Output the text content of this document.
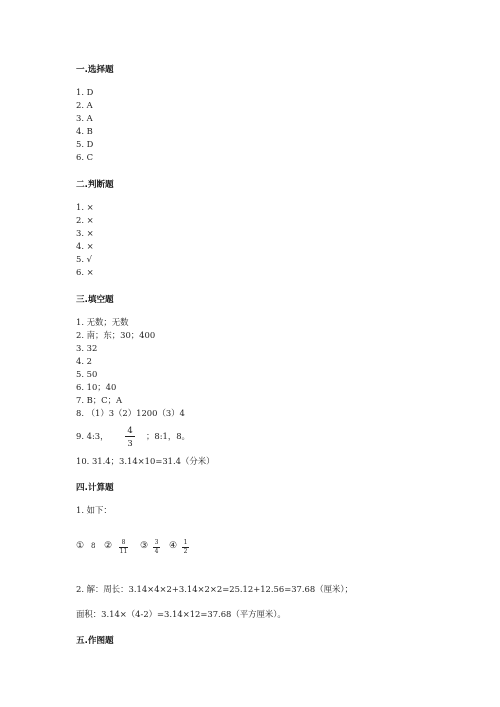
一.选择题
1. D
2. A
3. A
4. B
5. D
6. C
二.判断题
1. ×
2. ×
3. ×
4. ×
5. √
6. ×
三.填空题
1. 无数；无数
2. 南；东；30；400
3. 32
4. 2
5. 50
6. 10；40
7. B；C；A
8. （1）3（2）1200（3）4
9. 4:3，
4
3
；8:1，8。
10. 31.4；3.14×10=31.4（分米）
四.计算题
1. 如下：
① 8 ②	8
11
③ 3
4
④ 1
2
2. 解：周长：3.14×4×2+3.14×2×2=25.12+12.56=37.68（厘米）；
面积：3.14×（4-2）=3.14×12=37.68（平方厘米）。
五.作图题
